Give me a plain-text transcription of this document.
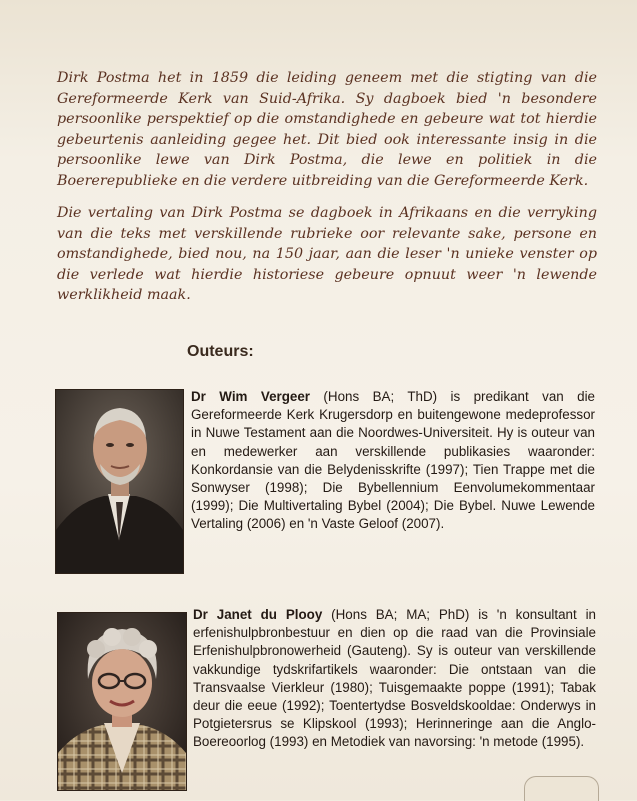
Dirk Postma het in 1859 die leiding geneem met die stigting van die Gereformeerde Kerk van Suid-Afrika. Sy dagboek bied 'n besondere persoonlike perspektief op die omstandighede en gebeure wat tot hierdie gebeurtenis aanleiding gegee het. Dit bied ook interessante insig in die persoonlike lewe van Dirk Postma, die lewe en politiek in die Boererepublieke en die verdere uitbreiding van die Gereformeerde Kerk.

Die vertaling van Dirk Postma se dagboek in Afrikaans en die verryking van die teks met verskillende rubrieke oor relevante sake, persone en omstandighede, bied nou, na 150 jaar, aan die leser 'n unieke venster op die verlede wat hierdie historiese gebeure opnuut weer 'n lewende werklikheid maak.

Outeurs:
Dr Wim Vergeer (Hons BA; ThD) is predikant van die Gereformeerde Kerk Krugersdorp en buitengewone medeprofessor in Nuwe Testament aan die Noordwes-Universiteit. Hy is outeur van en medewerker aan verskillende publikasies waaronder: Konkordansie van die Belydenisskrifte (1997); Tien Trappe met die Sonwyser (1998); Die Bybellennium Eenvolumekommentaar (1999); Die Multivertaling Bybel (2004); Die Bybel. Nuwe Lewende Vertaling (2006) en 'n Vaste Geloof (2007).
Dr Janet du Plooy (Hons BA; MA; PhD) is 'n konsultant in erfenishulpbronbestuur en dien op die raad van die Provinsiale Erfenishulpbronowerheid (Gauteng). Sy is outeur van verskillende vakkundige tydskrifartikels waaronder: Die ontstaan van die Transvaalse Vierkleur (1980); Tuisgemaakte poppe (1991); Tabak deur die eeue (1992); Toentertydse Bosveldskooldae: Onderwys in Potgietersrus se Klipskool (1993); Herinneringe aan die Anglo-Boereoorlog (1993) en Metodiek van navorsing: 'n metode (1995).
